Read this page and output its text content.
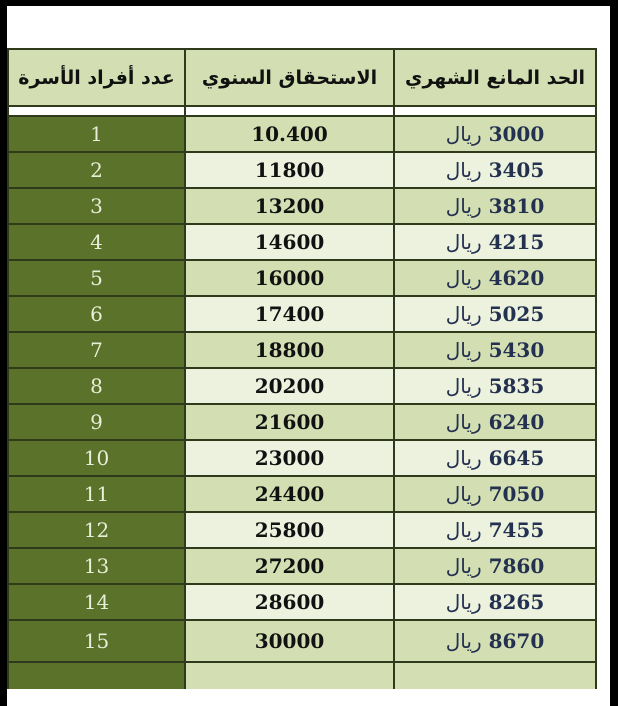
عدد أفراد الأسرة	الاستحقاق السنوي	الحد المانع الشهري

1	10.400	3000 ريال
2	11800	3405 ريال
3	13200	3810 ريال
4	14600	4215 ريال
5	16000	4620 ريال
6	17400	5025 ريال
7	18800	5430 ريال
8	20200	5835 ريال
9	21600	6240 ريال
10	23000	6645 ريال
11	24400	7050 ريال
12	25800	7455 ريال
13	27200	7860 ريال
14	28600	8265 ريال
15	30000	8670 ريال
